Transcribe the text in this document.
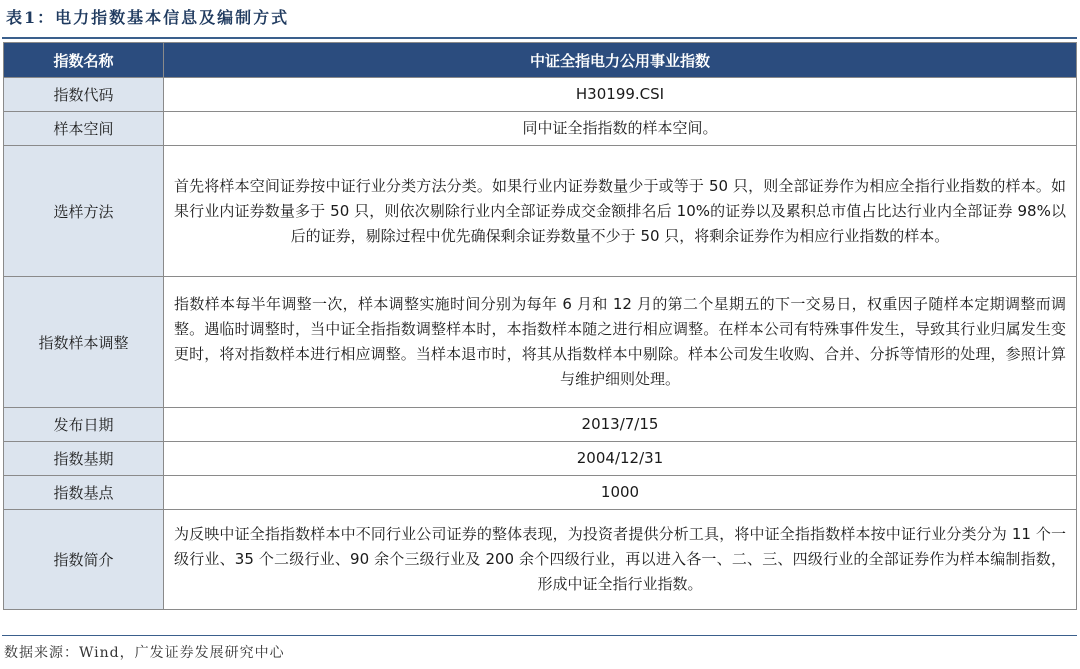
表1：电力指数基本信息及编制方式
指数名称	中证全指电力公用事业指数
指数代码	H30199.CSI
样本空间	同中证全指指数的样本空间。
选样方法	首先将样本空间证券按中证行业分类方法分类。如果行业内证券数量少于或等于 50 只，则全部证券作为相应全指行业指数的样本。如果行业内证券数量多于 50 只，则依次剔除行业内全部证券成交金额排名后 10%的证券以及累积总市值占比达行业内全部证券 98%以后的证券，剔除过程中优先确保剩余证券数量不少于 50 只，将剩余证券作为相应行业指数的样本。
指数样本调整	指数样本每半年调整一次，样本调整实施时间分别为每年 6 月和 12 月的第二个星期五的下一交易日，权重因子随样本定期调整而调整。遇临时调整时，当中证全指指数调整样本时，本指数样本随之进行相应调整。在样本公司有特殊事件发生，导致其行业归属发生变更时，将对指数样本进行相应调整。当样本退市时，将其从指数样本中剔除。样本公司发生收购、合并、分拆等情形的处理，参照计算与维护细则处理。
发布日期	2013/7/15
指数基期	2004/12/31
指数基点	1000
指数简介	为反映中证全指指数样本中不同行业公司证券的整体表现，为投资者提供分析工具，将中证全指指数样本按中证行业分类分为 11 个一级行业、35 个二级行业、90 余个三级行业及 200 余个四级行业，再以进入各一、二、三、四级行业的全部证券作为样本编制指数，形成中证全指行业指数。
数据来源：Wind，广发证券发展研究中心
